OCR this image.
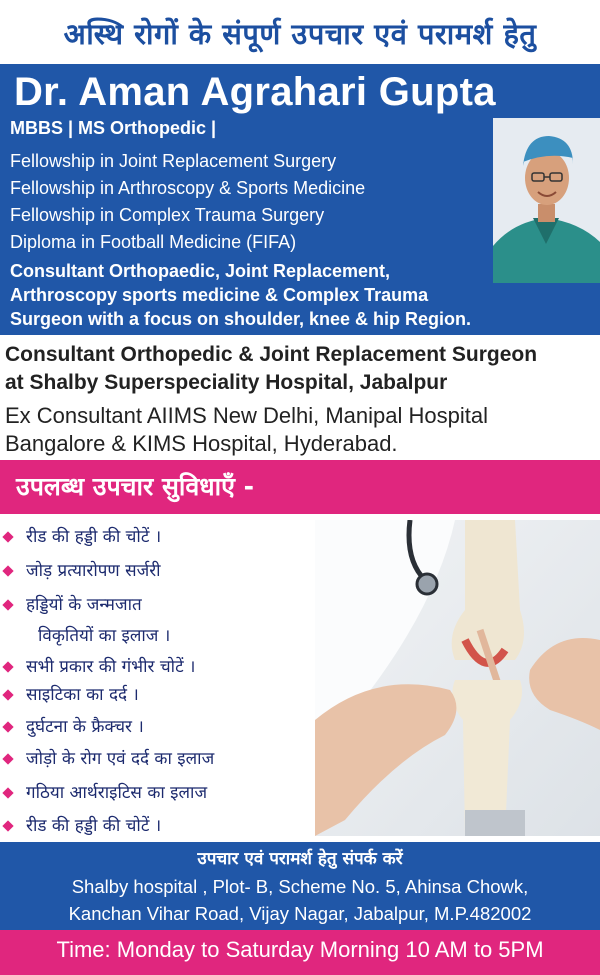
अस्थि रोगों के संपूर्ण उपचार एवं परामर्श हेतु
Dr. Aman Agrahari Gupta
MBBS | MS Orthopedic |
Fellowship in Joint Replacement Surgery
Fellowship in Arthroscopy & Sports Medicine
Fellowship in Complex Trauma Surgery
Diploma in Football Medicine (FIFA)
Consultant Orthopaedic, Joint Replacement,
Arthroscopy sports medicine & Complex Trauma
Surgeon with a focus on shoulder, knee & hip Region.
Consultant Orthopedic & Joint Replacement Surgeon
at Shalby Superspeciality Hospital, Jabalpur
Ex Consultant AIIMS New Delhi, Manipal Hospital
Bangalore & KIMS Hospital, Hyderabad.
उपलब्ध उपचार सुविधाएँ -
रीड की हड्डी की चोटें ।
जोड़ प्रत्यारोपण सर्जरी
हड्डियों के जन्मजात
विकृतियों का इलाज ।
सभी प्रकार की गंभीर चोटें ।
साइटिका का दर्द ।
दुर्घटना के फ्रैक्चर ।
जोड़ो के रोग एवं दर्द का इलाज
गठिया आर्थराइटिस का इलाज
रीड की हड्डी की चोटें ।
उपचार एवं परामर्श हेतु संपर्क करें
Shalby hospital , Plot- B, Scheme No. 5, Ahinsa Chowk,
Kanchan Vihar Road, Vijay Nagar, Jabalpur, M.P.482002
Time: Monday to Saturday Morning 10 AM to 5PM
